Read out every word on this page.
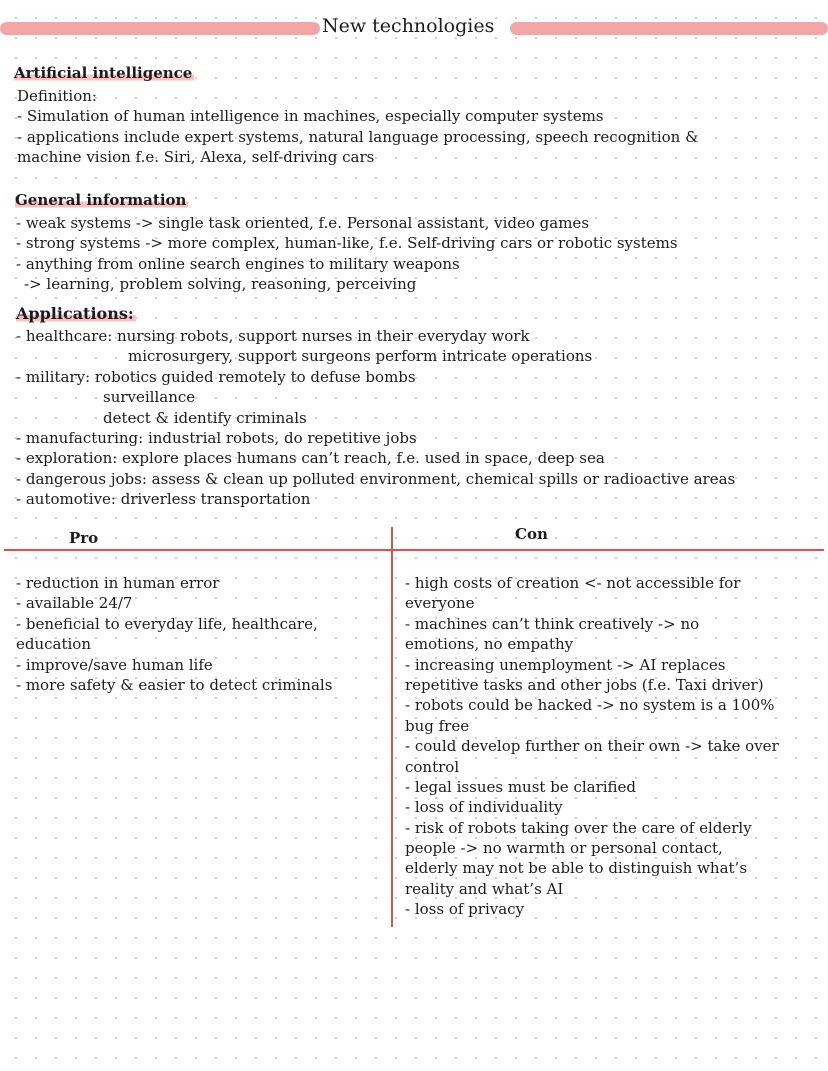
New technologies
Artificial intelligence
Definition:
- Simulation of human intelligence in machines, especially computer systems
- applications include expert systems, natural language processing, speech recognition &
machine vision f.e. Siri, Alexa, self-driving cars
General information
- weak systems -> single task oriented, f.e. Personal assistant, video games
- strong systems -> more complex, human-like, f.e. Self-driving cars or robotic systems
- anything from online search engines to military weapons
-> learning, problem solving, reasoning, perceiving
Applications:
- healthcare: nursing robots, support nurses in their everyday work
microsurgery, support surgeons perform intricate operations
- military: robotics guided remotely to defuse bombs
surveillance
detect & identify criminals
- manufacturing: industrial robots, do repetitive jobs
- exploration: explore places humans can’t reach, f.e. used in space, deep sea
- dangerous jobs: assess & clean up polluted environment, chemical spills or radioactive areas
- automotive: driverless transportation
Pro	Con
- reduction in human error
- available 24/7
- beneficial to everyday life, healthcare,
education
- improve/save human life
- more safety & easier to detect criminals
- high costs of creation <- not accessible for
everyone
- machines can’t think creatively -> no
emotions, no empathy
- increasing unemployment -> AI replaces
repetitive tasks and other jobs (f.e. Taxi driver)
- robots could be hacked -> no system is a 100%
bug free
- could develop further on their own -> take over
control
- legal issues must be clarified
- loss of individuality
- risk of robots taking over the care of elderly
people -> no warmth or personal contact,
elderly may not be able to distinguish what’s
reality and what’s AI
- loss of privacy
